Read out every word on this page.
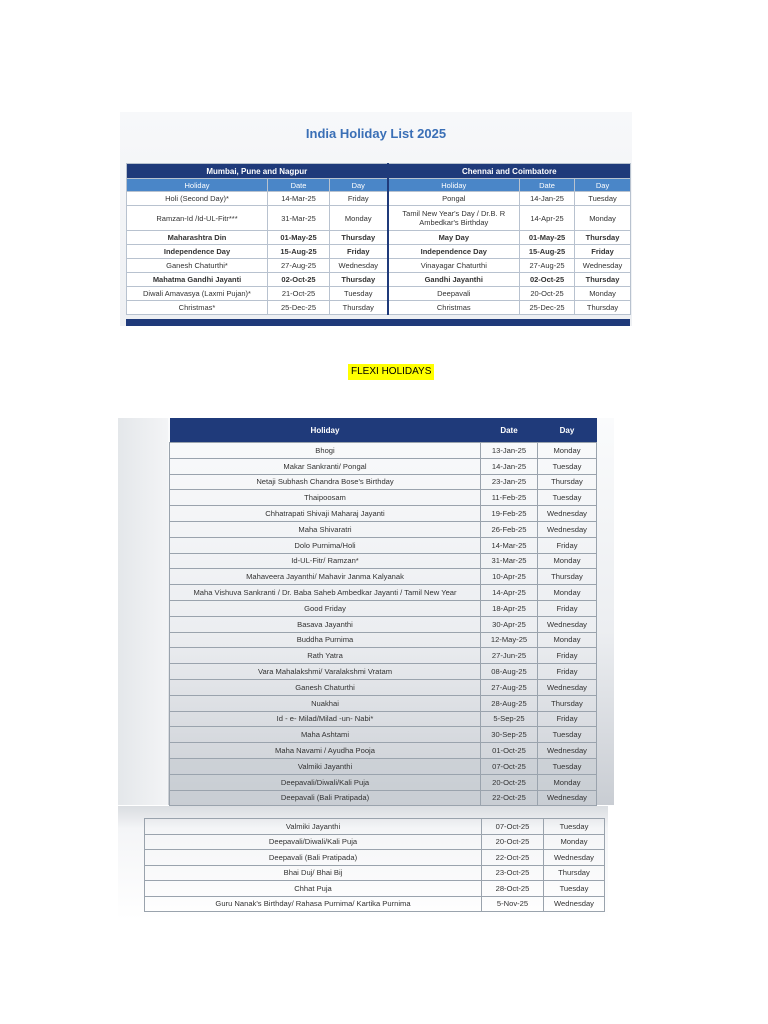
India Holiday List 2025
Mumbai, Pune and Nagpur			Chennai and Coimbatore		
Holiday	Date	Day	Holiday	Date	Day
Holi (Second Day)*	14-Mar-25	Friday	Pongal	14-Jan-25	Tuesday
Ramzan-Id /Id-UL-Fitr***	31-Mar-25	Monday	Tamil New Year's Day / Dr.B. R Ambedkar's Birthday	14-Apr-25	Monday
Maharashtra Din	01-May-25	Thursday	May Day	01-May-25	Thursday
Independence Day	15-Aug-25	Friday	Independence Day	15-Aug-25	Friday
Ganesh Chaturthi*	27-Aug-25	Wednesday	Vinayagar Chaturthi	27-Aug-25	Wednesday
Mahatma Gandhi Jayanti	02-Oct-25	Thursday	Gandhi Jayanthi	02-Oct-25	Thursday
Diwali Amavasya (Laxmi Pujan)*	21-Oct-25	Tuesday	Deepavali	20-Oct-25	Monday
Christmas*	25-Dec-25	Thursday	Christmas	25-Dec-25	Thursday
FLEXI HOLIDAYS
Holiday	Date	Day
Bhogi	13-Jan-25	Monday
Makar Sankranti/ Pongal	14-Jan-25	Tuesday
Netaji Subhash Chandra Bose's Birthday	23-Jan-25	Thursday
Thaipoosam	11-Feb-25	Tuesday
Chhatrapati Shivaji Maharaj Jayanti	19-Feb-25	Wednesday
Maha Shivaratri	26-Feb-25	Wednesday
Dolo Purnima/Holi	14-Mar-25	Friday
Id-UL-Fitr/ Ramzan*	31-Mar-25	Monday
Mahaveera Jayanthi/ Mahavir Janma Kalyanak	10-Apr-25	Thursday
Maha Vishuva Sankranti / Dr. Baba Saheb Ambedkar Jayanti / Tamil New Year	14-Apr-25	Monday
Good Friday	18-Apr-25	Friday
Basava Jayanthi	30-Apr-25	Wednesday
Buddha Purnima	12-May-25	Monday
Rath Yatra	27-Jun-25	Friday
Vara Mahalakshmi/ Varalakshmi Vratam	08-Aug-25	Friday
Ganesh Chaturthi	27-Aug-25	Wednesday
Nuakhai	28-Aug-25	Thursday
Id - e- Milad/Milad -un- Nabi*	5-Sep-25	Friday
Maha Ashtami	30-Sep-25	Tuesday
Maha Navami / Ayudha Pooja	01-Oct-25	Wednesday
Valmiki Jayanthi	07-Oct-25	Tuesday
Deepavali/Diwali/Kali Puja	20-Oct-25	Monday
Deepavali (Bali Pratipada)	22-Oct-25	Wednesday
Valmiki Jayanthi	07-Oct-25	Tuesday
Deepavali/Diwali/Kali Puja	20-Oct-25	Monday
Deepavali (Bali Pratipada)	22-Oct-25	Wednesday
Bhai Duj/ Bhai Bij	23-Oct-25	Thursday
Chhat Puja	28-Oct-25	Tuesday
Guru Nanak's Birthday/ Rahasa Purnima/ Kartika Purnima	5-Nov-25	Wednesday
